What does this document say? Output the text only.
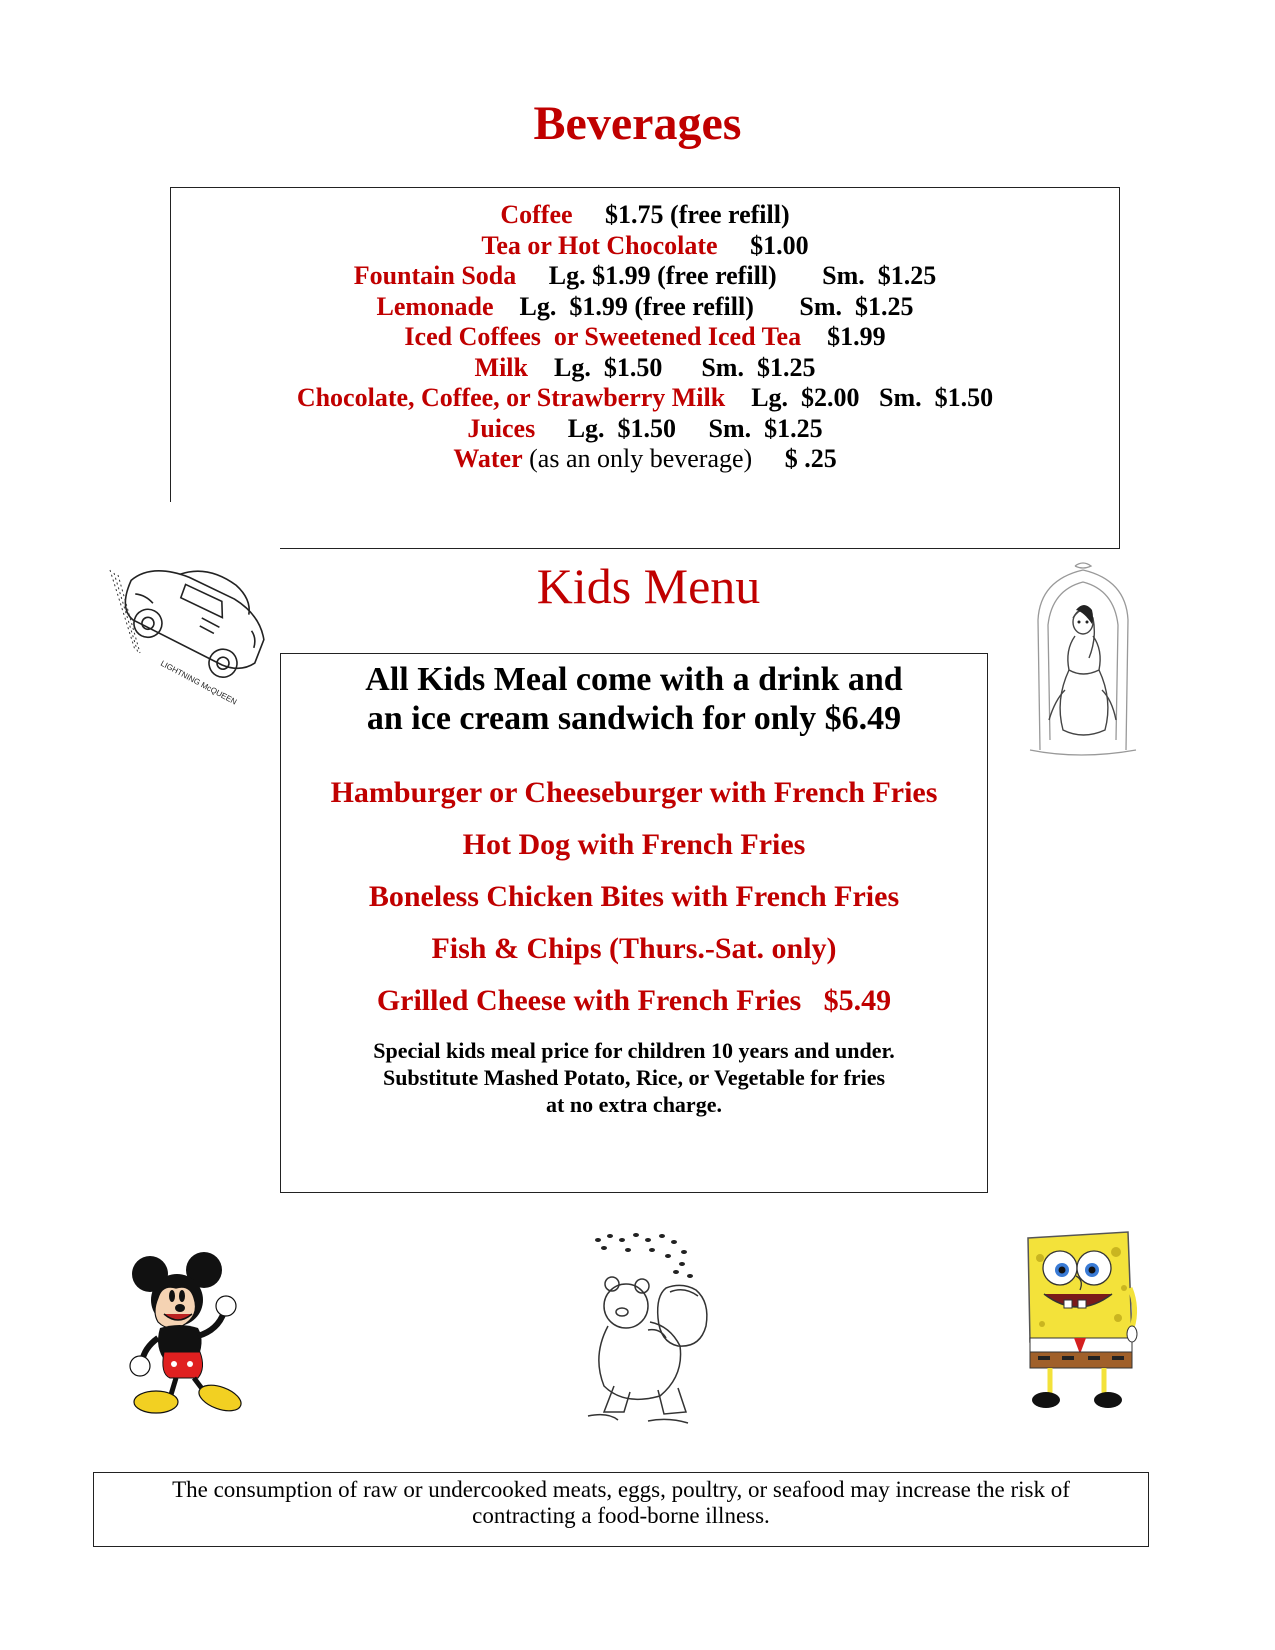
Beverages
Coffee     $1.75 (free refill)
Tea or Hot Chocolate     $1.00
Fountain Soda     Lg. $1.99 (free refill)       Sm.  $1.25
Lemonade    Lg.  $1.99 (free refill)       Sm.  $1.25
Iced Coffees  or Sweetened Iced Tea    $1.99
Milk    Lg.  $1.50      Sm.  $1.25
Chocolate, Coffee, or Strawberry Milk    Lg.  $2.00   Sm.  $1.50
Juices     Lg.  $1.50     Sm.  $1.25
Water (as an only beverage)     $ .25
Kids Menu
All Kids Meal come with a drink and
an ice cream sandwich for only $6.49
Hamburger or Cheeseburger with French Fries
Hot Dog with French Fries
Boneless Chicken Bites with French Fries
Fish & Chips (Thurs.-Sat. only)
Grilled Cheese with French Fries   $5.49
Special kids meal price for children 10 years and under.
Substitute Mashed Potato, Rice, or Vegetable for fries
at no extra charge.
LIGHTNING McQUEEN
The consumption of raw or undercooked meats, eggs, poultry, or seafood may increase the risk of
contracting a food-borne illness.
